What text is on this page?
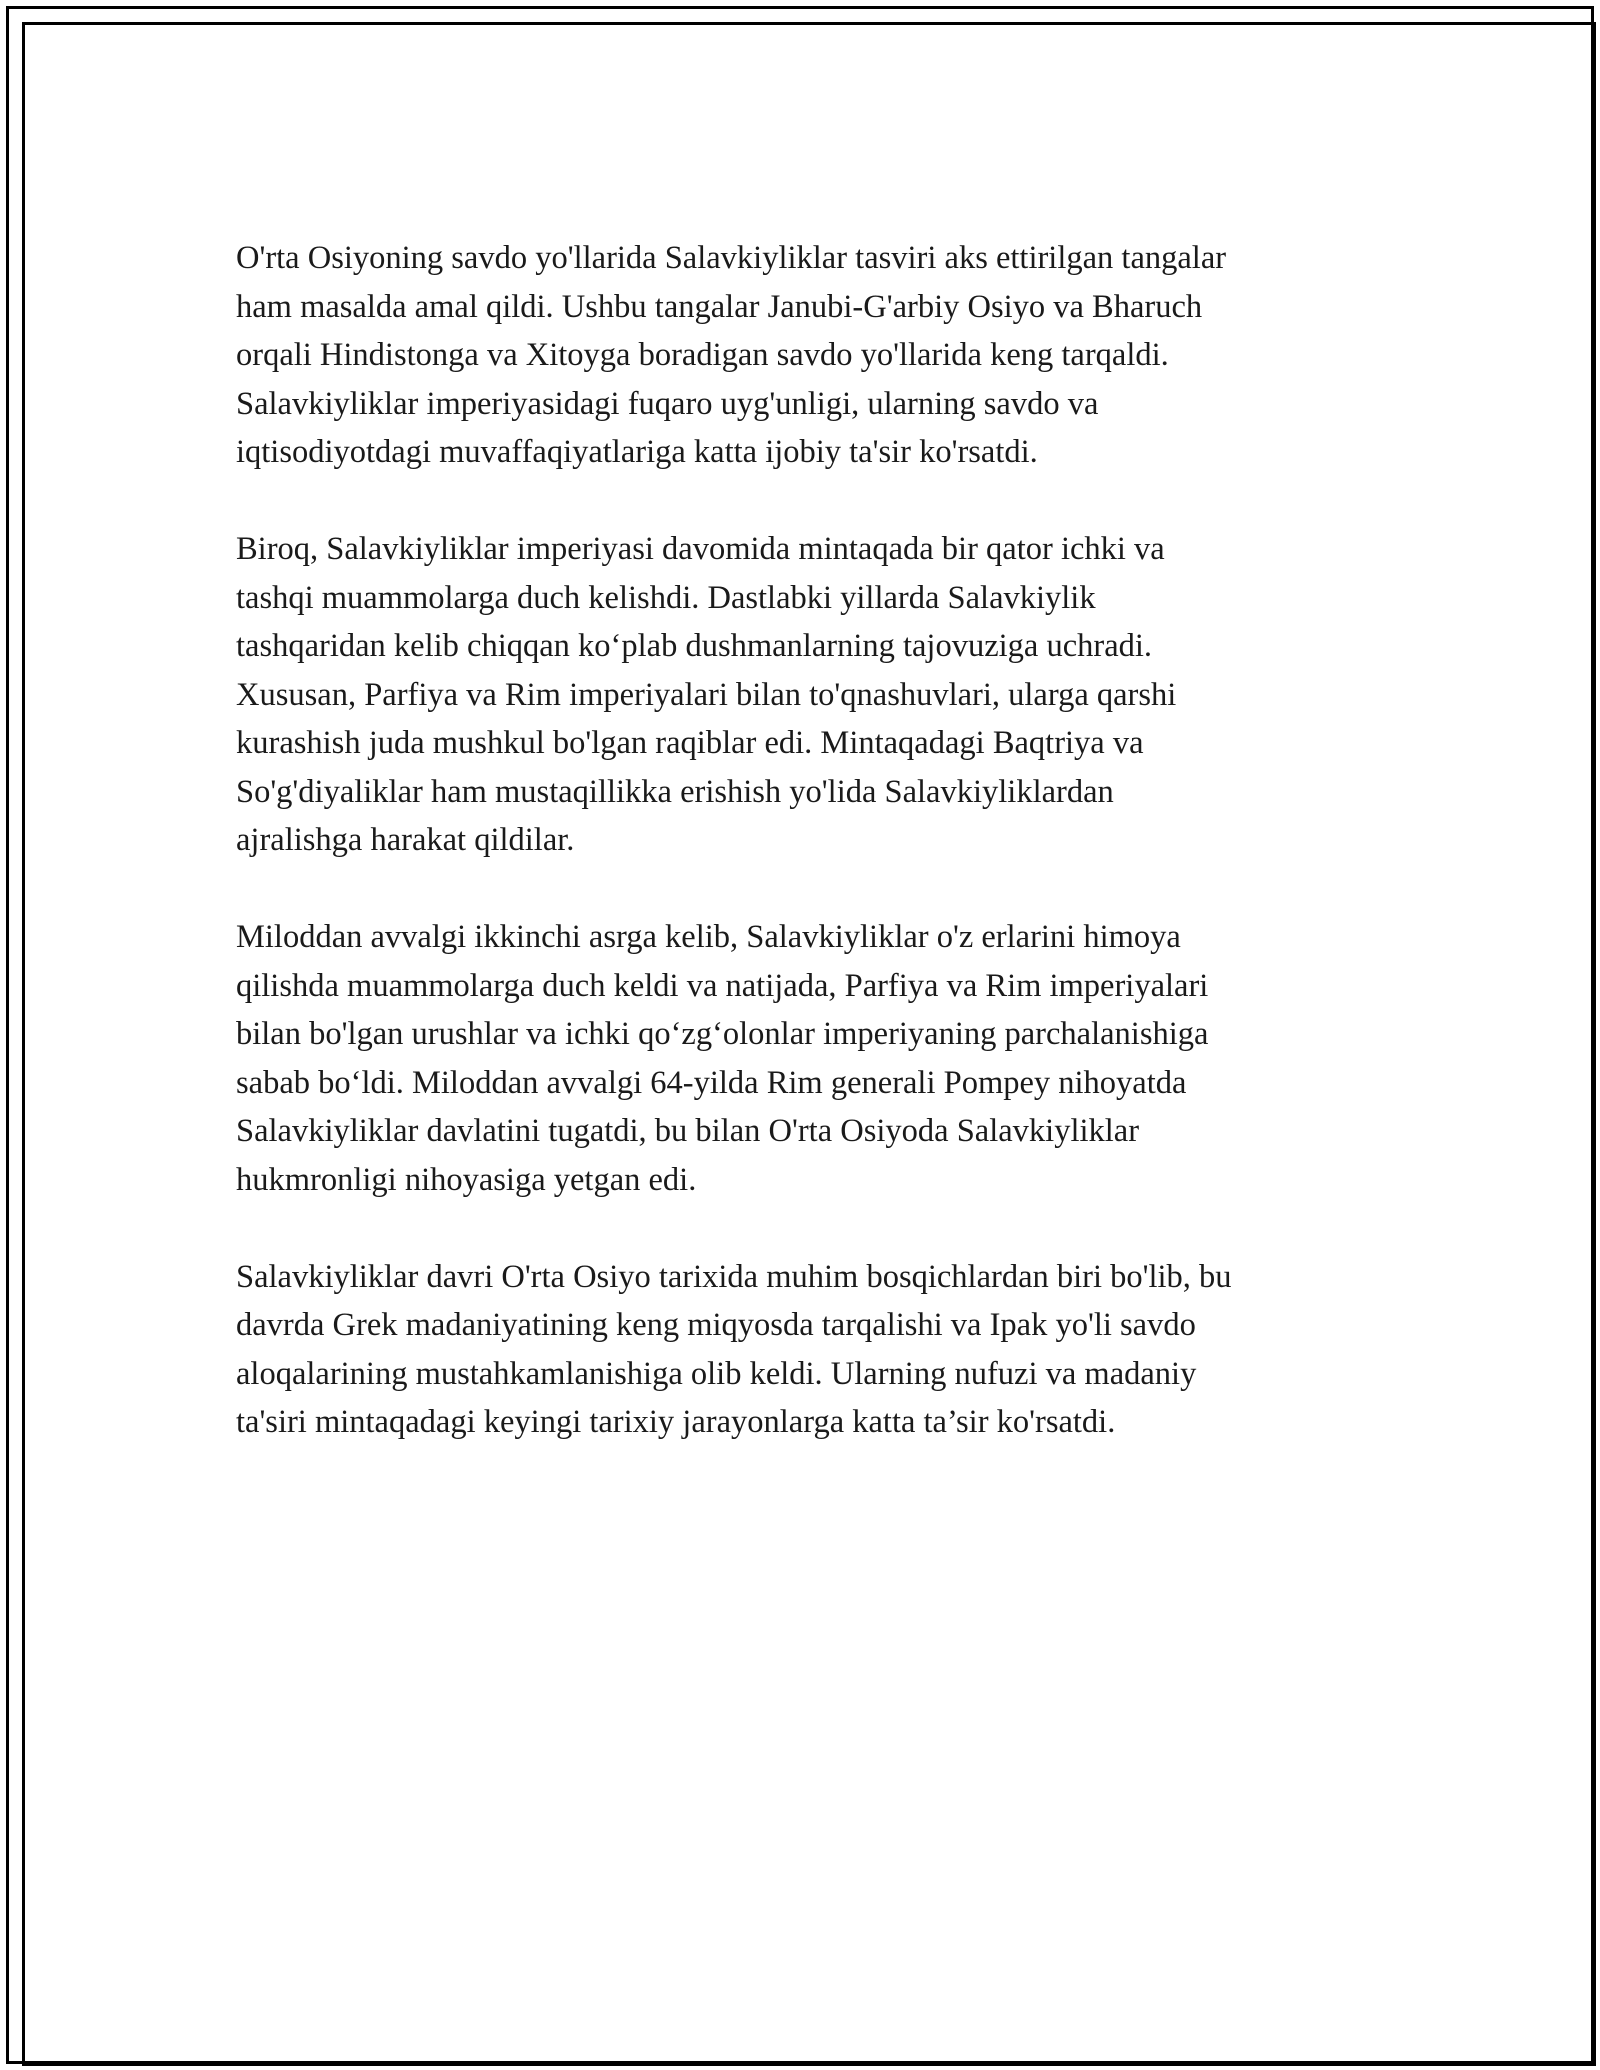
O'rta Osiyoning savdo yo'llarida Salavkiyliklar tasviri aks ettirilgan tangalar
ham masalda amal qildi. Ushbu tangalar Janubi-G'arbiy Osiyo va Bharuch
orqali Hindistonga va Xitoyga boradigan savdo yo'llarida keng tarqaldi.
Salavkiyliklar imperiyasidagi fuqaro uyg'unligi, ularning savdo va
iqtisodiyotdagi muvaffaqiyatlariga katta ijobiy ta'sir ko'rsatdi.

Biroq, Salavkiyliklar imperiyasi davomida mintaqada bir qator ichki va
tashqi muammolarga duch kelishdi. Dastlabki yillarda Salavkiylik
tashqaridan kelib chiqqan ko‘plab dushmanlarning tajovuziga uchradi.
Xususan, Parfiya va Rim imperiyalari bilan to'qnashuvlari, ularga qarshi
kurashish juda mushkul bo'lgan raqiblar edi. Mintaqadagi Baqtriya va
So'g'diyaliklar ham mustaqillikka erishish yo'lida Salavkiyliklardan
ajralishga harakat qildilar.

Miloddan avvalgi ikkinchi asrga kelib, Salavkiyliklar o'z erlarini himoya
qilishda muammolarga duch keldi va natijada, Parfiya va Rim imperiyalari
bilan bo'lgan urushlar va ichki qo‘zg‘olonlar imperiyaning parchalanishiga
sabab bo‘ldi. Miloddan avvalgi 64-yilda Rim generali Pompey nihoyatda
Salavkiyliklar davlatini tugatdi, bu bilan O'rta Osiyoda Salavkiyliklar
hukmronligi nihoyasiga yetgan edi.

Salavkiyliklar davri O'rta Osiyo tarixida muhim bosqichlardan biri bo'lib, bu
davrda Grek madaniyatining keng miqyosda tarqalishi va Ipak yo'li savdo
aloqalarining mustahkamlanishiga olib keldi. Ularning nufuzi va madaniy
ta'siri mintaqadagi keyingi tarixiy jarayonlarga katta ta’sir ko'rsatdi.
